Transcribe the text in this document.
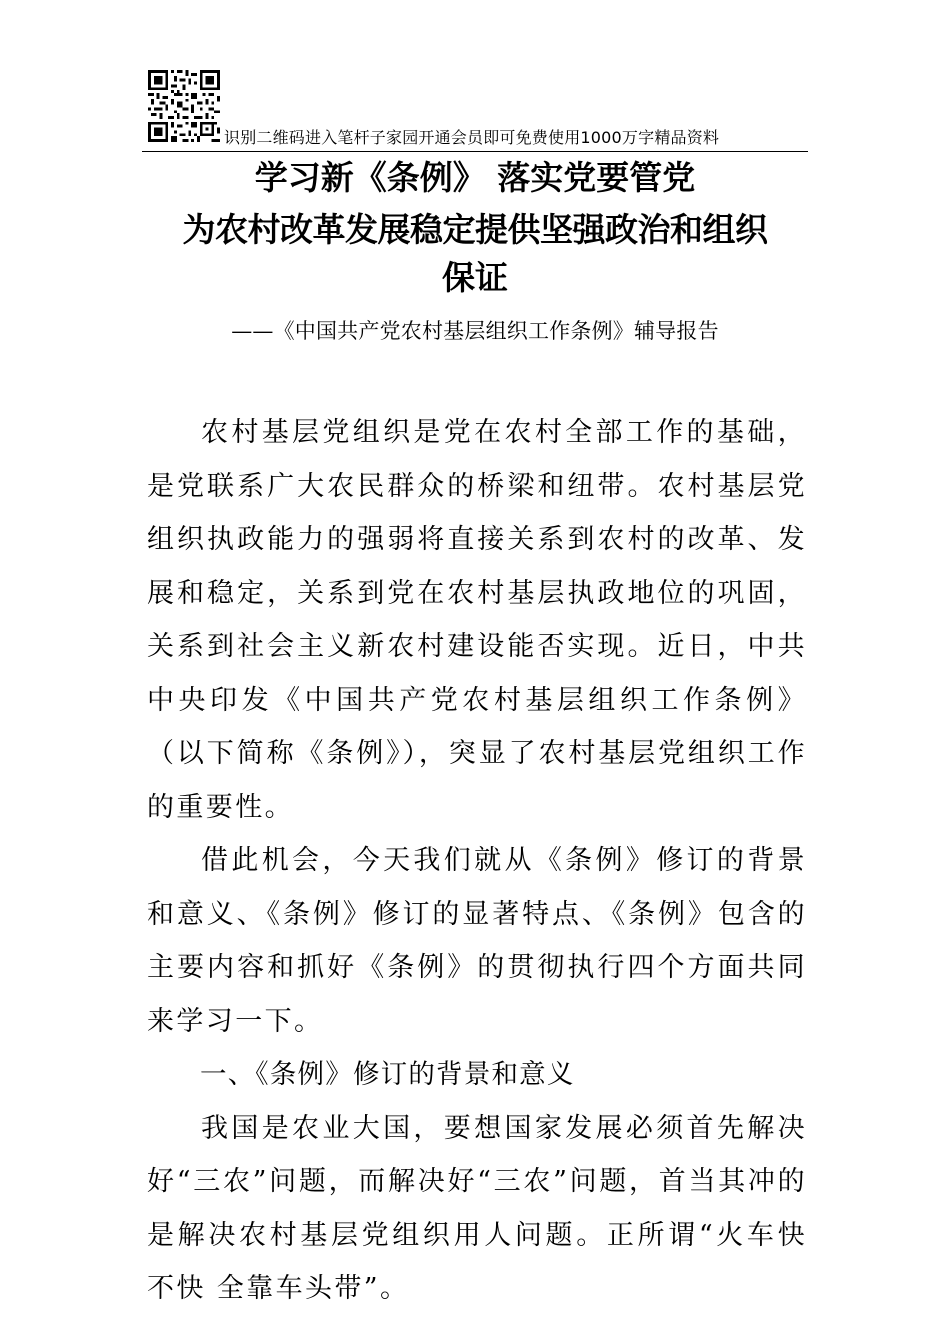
识别二维码进入笔杆子家园开通会员即可免费使用1000万字精品资料
学习新《条例》 落实党要管党
为农村改革发展稳定提供坚强政治和组织
保证
——《中国共产党农村基层组织工作条例》辅导报告

农村基层党组织是党在农村全部工作的基础，是党联系广大农民群众的桥梁和纽带。农村基层党组织执政能力的强弱将直接关系到农村的改革、发展和稳定，关系到党在农村基层执政地位的巩固，关系到社会主义新农村建设能否实现。近日，中共中央印发《中国共产党农村基层组织工作条例》（以下简称《条例》），突显了农村基层党组织工作的重要性。

借此机会，今天我们就从《条例》修订的背景和意义、《条例》修订的显著特点、《条例》包含的主要内容和抓好《条例》的贯彻执行四个方面共同来学习一下。

一、《条例》修订的背景和意义

我国是农业大国，要想国家发展必须首先解决好“三农”问题，而解决好“三农”问题，首当其冲的是解决农村基层党组织用人问题。正所谓“火车快不快 全靠车头带”。
